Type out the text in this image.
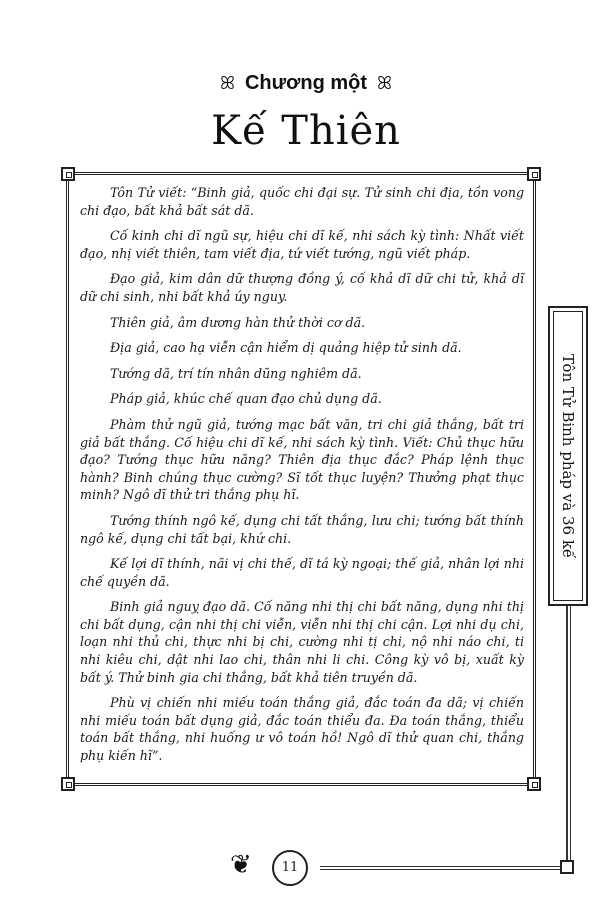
ꕤ Chương một ꕤ
Kế Thiên

Tôn Tử viết: “Binh giả, quốc chi đại sự. Tử sinh chi địa, tồn vong chi đạo, bất khả bất sát dã.

Cố kinh chi dĩ ngũ sự, hiệu chi dĩ kế, nhi sách kỳ tình: Nhất viết đạo, nhị viết thiên, tam viết địa, tứ viết tướng, ngũ viết pháp.

Đạo giả, kim dân dữ thượng đồng ý, cố khả dĩ dữ chi tử, khả dĩ dữ chi sinh, nhi bất khả úy nguy.

Thiên giả, âm dương hàn thử thời cơ dã.

Địa giả, cao hạ viễn cận hiểm dị quảng hiệp tử sinh dã.

Tướng dã, trí tín nhân dũng nghiêm dã.

Pháp giả, khúc chế quan đạo chủ dụng dã.

Phàm thử ngũ giả, tướng mạc bất văn, tri chi giả thắng, bất tri giả bất thắng. Cố hiệu chi dĩ kế, nhi sách kỳ tình. Viết: Chủ thục hữu đạo? Tướng thục hữu năng? Thiên địa thục đắc? Pháp lệnh thục hành? Binh chúng thục cường? Sĩ tốt thục luyện? Thưởng phạt thục minh? Ngô dĩ thử tri thắng phụ hĩ.

Tướng thính ngô kế, dụng chi tất thắng, lưu chi; tướng bất thính ngô kế, dụng chi tất bại, khứ chi.

Kế lợi dĩ thính, nãi vị chi thế, dĩ tá kỳ ngoại; thế giả, nhân lợi nhi chế quyền dã.

Binh giả nguỵ đạo dã. Cố năng nhi thị chi bất năng, dụng nhi thị chi bất dụng, cận nhi thị chi viễn, viễn nhi thị chi cận. Lợi nhi dụ chi, loạn nhi thủ chi, thực nhi bị chi, cường nhi tị chi, nộ nhi náo chi, ti nhi kiêu chi, dật nhi lao chi, thân nhi li chi. Công kỳ vô bị, xuất kỳ bất ý. Thử binh gia chi thắng, bất khả tiên truyền dã.

Phù vị chiến nhi miếu toán thắng giả, đắc toán đa dã; vị chiến nhi miếu toán bất dụng giả, đắc toán thiểu đa. Đa toán thắng, thiểu toán bất thắng, nhi huống ư vô toán hồ! Ngô dĩ thử quan chi, thắng phụ kiến hĩ”.

Tôn Tử Binh pháp và 36 kế
❦	11
